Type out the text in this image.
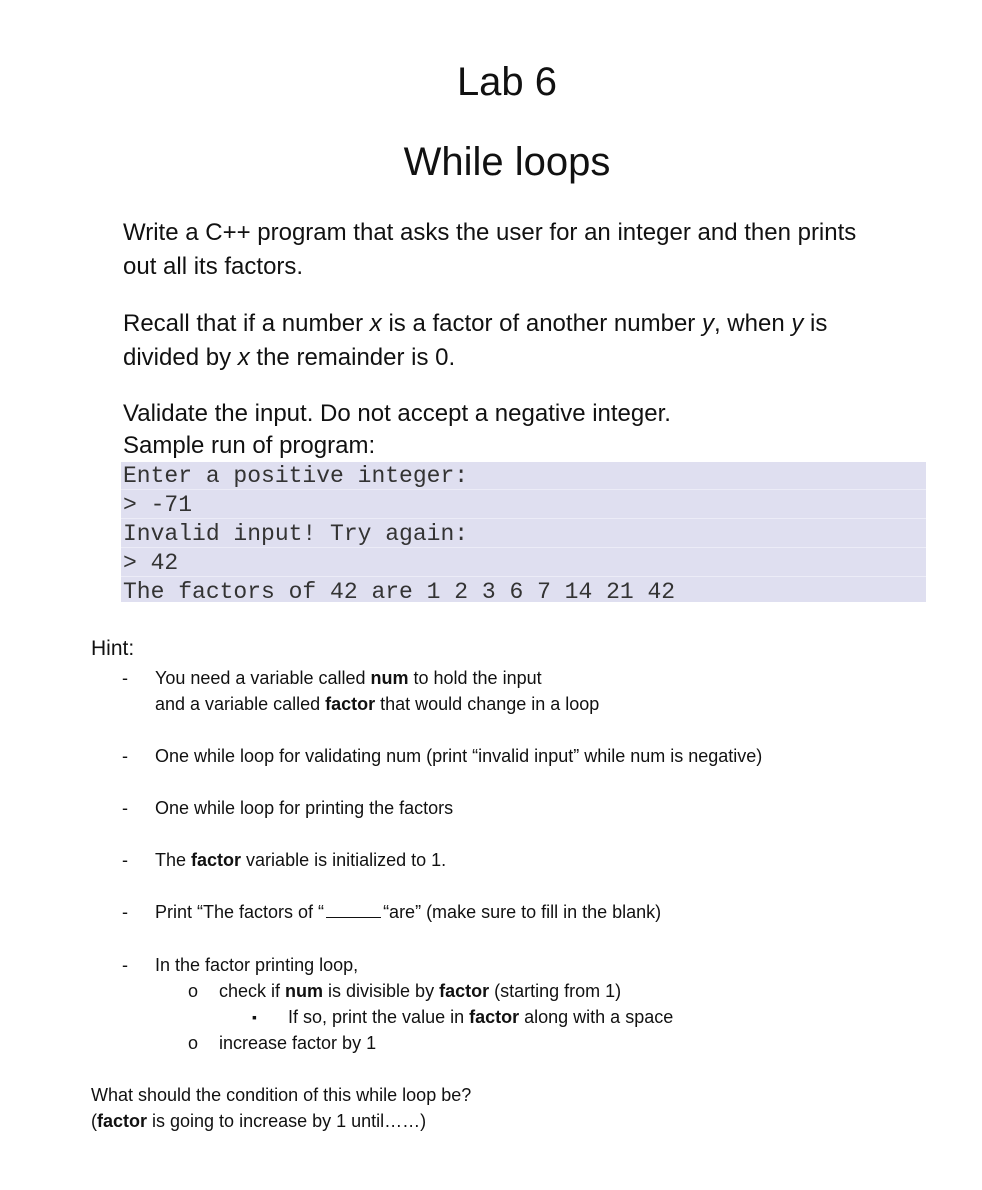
Lab 6
While loops

Write a C++ program that asks the user for an integer and then prints
out all its factors.

Recall that if a number x is a factor of another number y, when y is
divided by x the remainder is 0.

Validate the input. Do not accept a negative integer.
Sample run of program:

Enter a positive integer:
> -71
Invalid input! Try again:
> 42
The factors of 42 are 1 2 3 6 7 14 21 42

Hint:

- You need a variable called num to hold the input
and a variable called factor that would change in a loop

- One while loop for validating num (print “invalid input” while num is negative)

- One while loop for printing the factors

- The factor variable is initialized to 1.

- Print “The factors of “	“are” (make sure to fill in the blank)

- In the factor printing loop,

o check if num is divisible by factor (starting from 1)

▪ If so, print the value in factor along with a space

o increase factor by 1

What should the condition of this while loop be?
(factor is going to increase by 1 until……)
